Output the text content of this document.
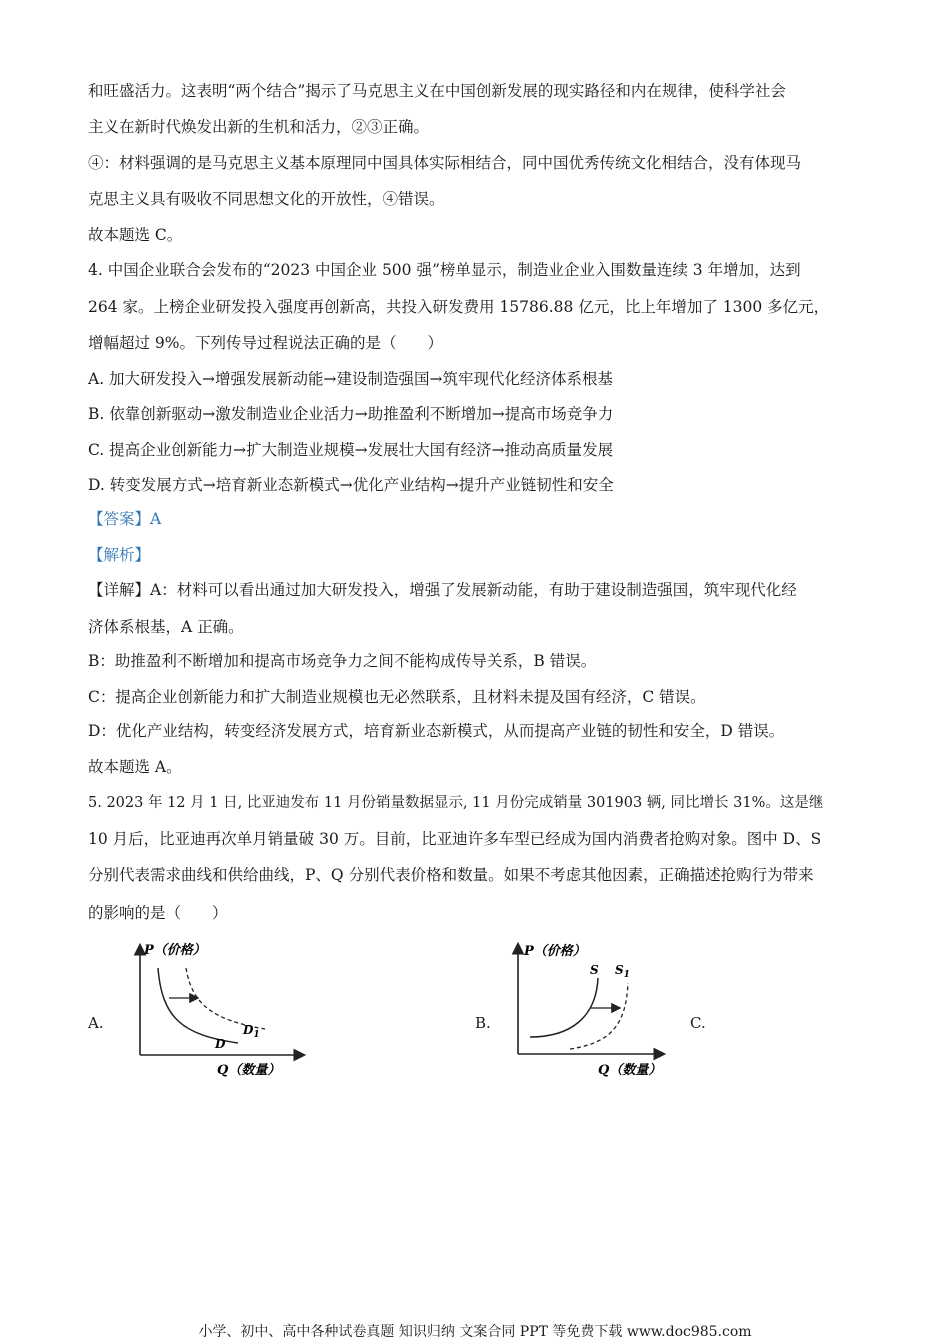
和旺盛活力。这表明“两个结合”揭示了马克思主义在中国创新发展的现实路径和内在规律，使科学社会

主义在新时代焕发出新的生机和活力，②③正确。

④：材料强调的是马克思主义基本原理同中国具体实际相结合，同中国优秀传统文化相结合，没有体现马

克思主义具有吸收不同思想文化的开放性，④错误。

故本题选 C。

4. 中国企业联合会发布的“2023 中国企业 500 强”榜单显示，制造业企业入围数量连续 3 年增加，达到

264 家。上榜企业研发投入强度再创新高，共投入研发费用 15786.88 亿元，比上年增加了 1300 多亿元，

增幅超过 9%。下列传导过程说法正确的是（　　）

A. 加大研发投入→增强发展新动能→建设制造强国→筑牢现代化经济体系根基

B. 依靠创新驱动→激发制造业企业活力→助推盈利不断增加→提高市场竞争力

C. 提高企业创新能力→扩大制造业规模→发展壮大国有经济→推动高质量发展

D. 转变发展方式→培育新业态新模式→优化产业结构→提升产业链韧性和安全

【答案】A

【解析】

【详解】A：材料可以看出通过加大研发投入，增强了发展新动能，有助于建设制造强国，筑牢现代化经

济体系根基，A 正确。

B：助推盈利不断增加和提高市场竞争力之间不能构成传导关系，B 错误。

C：提高企业创新能力和扩大制造业规模也无必然联系，且材料未提及国有经济，C 错误。

D：优化产业结构，转变经济发展方式，培育新业态新模式，从而提高产业链的韧性和安全，D 错误。

故本题选 A。

5. 2023 年 12 月 1 日, 比亚迪发布 11 月份销量数据显示, 11 月份完成销量 301903 辆, 同比增长 31%。这是继

10 月后，比亚迪再次单月销量破 30 万。目前，比亚迪许多车型已经成为国内消费者抢购对象。图中 D、S

分别代表需求曲线和供给曲线，P、Q 分别代表价格和数量。如果不考虑其他因素，正确描述抢购行为带来

的影响的是（　　）

A.	B.	C.
P（价格）
D
$D_1$
Q（数量）
P（价格）
S $S_1$
Q（数量）
小学、初中、高中各种试卷真题 知识归纳 文案合同 PPT 等免费下载 www.doc985.com
